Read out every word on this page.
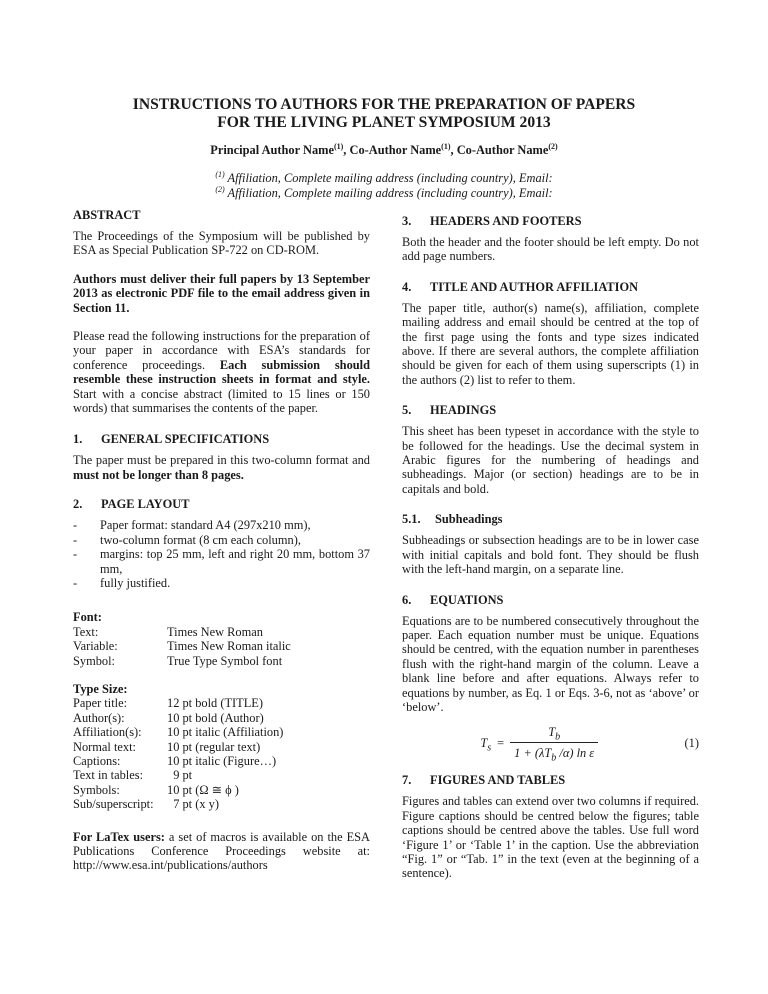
INSTRUCTIONS TO AUTHORS FOR THE PREPARATION OF PAPERS
FOR THE LIVING PLANET SYMPOSIUM 2013
Principal Author Name$^{(1)}$, Co-Author Name$^{(1)}$, Co-Author Name$^{(2)}$
$^{(1)}$ Affiliation, Complete mailing address (including country), Email:
$^{(2)}$ Affiliation, Complete mailing address (including country), Email:
ABSTRACT

The Proceedings of the Symposium will be published by ESA as Special Publication SP-722 on CD-ROM.

Authors must deliver their full papers by 13 September 2013 as electronic PDF file to the email address given in Section 11.

Please read the following instructions for the preparation of your paper in accordance with ESA’s standards for conference proceedings. Each submission should resemble these instruction sheets in format and style. Start with a concise abstract (limited to 15 lines or 150 words) that summarises the contents of the paper.

1.	GENERAL SPECIFICATIONS

The paper must be prepared in this two-column format and must not be longer than 8 pages.

2.	PAGE LAYOUT
-	Paper format: standard A4 (297x210 mm),
-	two-column format (8 cm each column),
-	margins: top 25 mm, left and right 20 mm, bottom 37 mm,
-	fully justified.
Font:
Text:	Times New Roman
Variable:	Times New Roman italic
Symbol:	True Type Symbol font
Type Size:
Paper title:	12 pt bold (TITLE)
Author(s):	10 pt bold (Author)
Affiliation(s):	10 pt italic (Affiliation)
Normal text:	10 pt (regular text)
Captions:	10 pt italic (Figure…)
Text in tables:	9 pt
Symbols:	10 pt (Ω ≅ ϕ )
Sub/superscript:	7 pt (x y)

For LaTex users: a set of macros is available on the ESA Publications Conference Proceedings website at: http://www.esa.int/publications/authors

3.	HEADERS AND FOOTERS

Both the header and the footer should be left empty. Do not add page numbers.

4.	TITLE AND AUTHOR AFFILIATION

The paper title, author(s) name(s), affiliation, complete mailing address and email should be centred at the top of the first page using the fonts and type sizes indicated above. If there are several authors, the complete affiliation should be given for each of them using superscripts (1) in the authors (2) list to refer to them.

5.	HEADINGS

This sheet has been typeset in accordance with the style to be followed for the headings. Use the decimal system in Arabic figures for the numbering of headings and subheadings. Major (or section) headings are to be in capitals and bold.

5.1.	Subheadings

Subheadings or subsection headings are to be in lower case with initial capitals and bold font. They should be flush with the left-hand margin, on a separate line.

6.	EQUATIONS

Equations are to be numbered consecutively throughout the paper. Each equation number must be unique. Equations should be centred, with the equation number in parentheses flush with the right-hand margin of the column. Leave a blank line before and after equations. Always refer to equations by number, as Eq. 1 or Eqs. 3-6, not as ‘above’ or ‘below’.

$T_s = \frac{T_b}{1 + (\lambda T_b /\alpha) \ln \varepsilon}$	(1)
7.	FIGURES AND TABLES

Figures and tables can extend over two columns if required. Figure captions should be centred below the figures; table captions should be centred above the tables. Use full word ‘Figure 1’ or ‘Table 1’ in the caption. Use the abbreviation “Fig. 1” or “Tab. 1” in the text (even at the beginning of a sentence).
